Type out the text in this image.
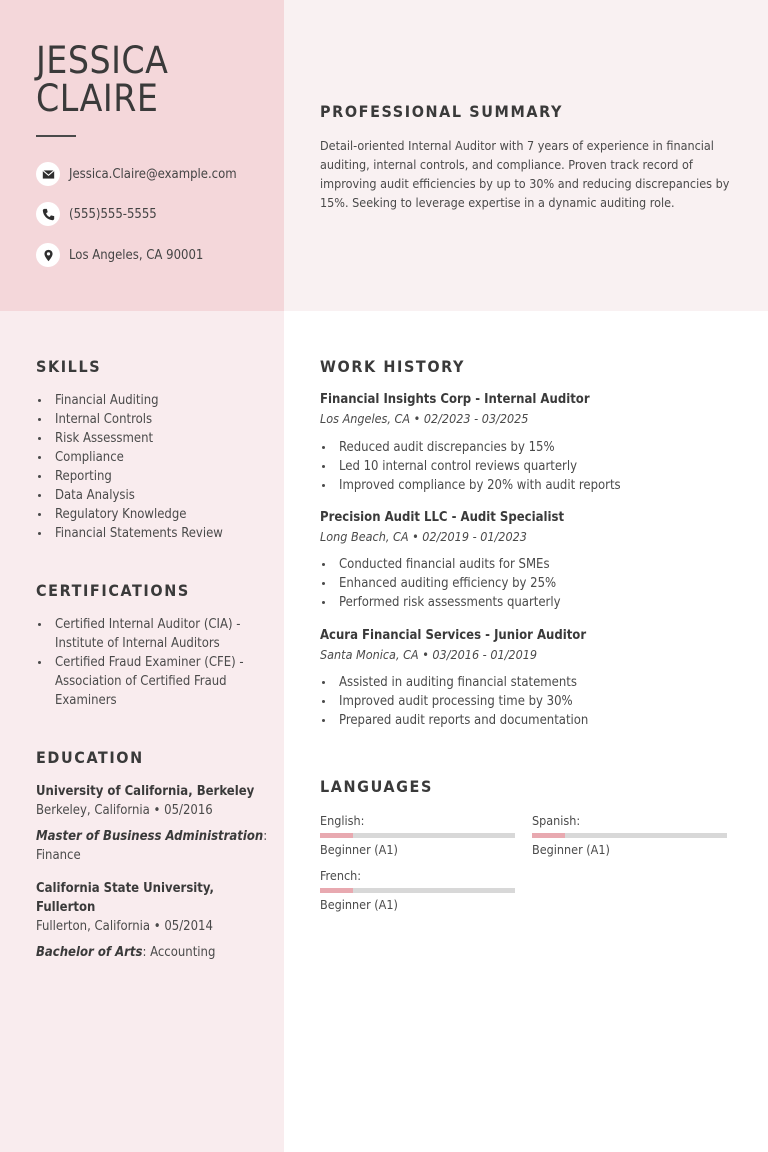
JESSICA
CLAIRE
Jessica.Claire@example.com
(555)555-5555
Los Angeles, CA 90001
PROFESSIONAL SUMMARY
Detail-oriented Internal Auditor with 7 years of experience in financial auditing, internal controls, and compliance. Proven track record of improving audit efficiencies by up to 30% and reducing discrepancies by 15%. Seeking to leverage expertise in a dynamic auditing role.
SKILLS
Financial Auditing
Internal Controls
Risk Assessment
Compliance
Reporting
Data Analysis
Regulatory Knowledge
Financial Statements Review
CERTIFICATIONS
Certified Internal Auditor (CIA) -
Institute of Internal Auditors
Certified Fraud Examiner (CFE) -
Association of Certified Fraud
Examiners
EDUCATION
University of California, Berkeley
Berkeley, California • 05/2016
Master of Business Administration:
Finance
California State University,
Fullerton
Fullerton, California • 05/2014
Bachelor of Arts: Accounting
WORK HISTORY
Financial Insights Corp - Internal Auditor
Los Angeles, CA • 02/2023 - 03/2025
Reduced audit discrepancies by 15%
Led 10 internal control reviews quarterly
Improved compliance by 20% with audit reports
Precision Audit LLC - Audit Specialist
Long Beach, CA • 02/2019 - 01/2023
Conducted financial audits for SMEs
Enhanced auditing efficiency by 25%
Performed risk assessments quarterly
Acura Financial Services - Junior Auditor
Santa Monica, CA • 03/2016 - 01/2019
Assisted in auditing financial statements
Improved audit processing time by 30%
Prepared audit reports and documentation
LANGUAGES
English:
Beginner (A1)
Spanish:
Beginner (A1)
French:
Beginner (A1)
